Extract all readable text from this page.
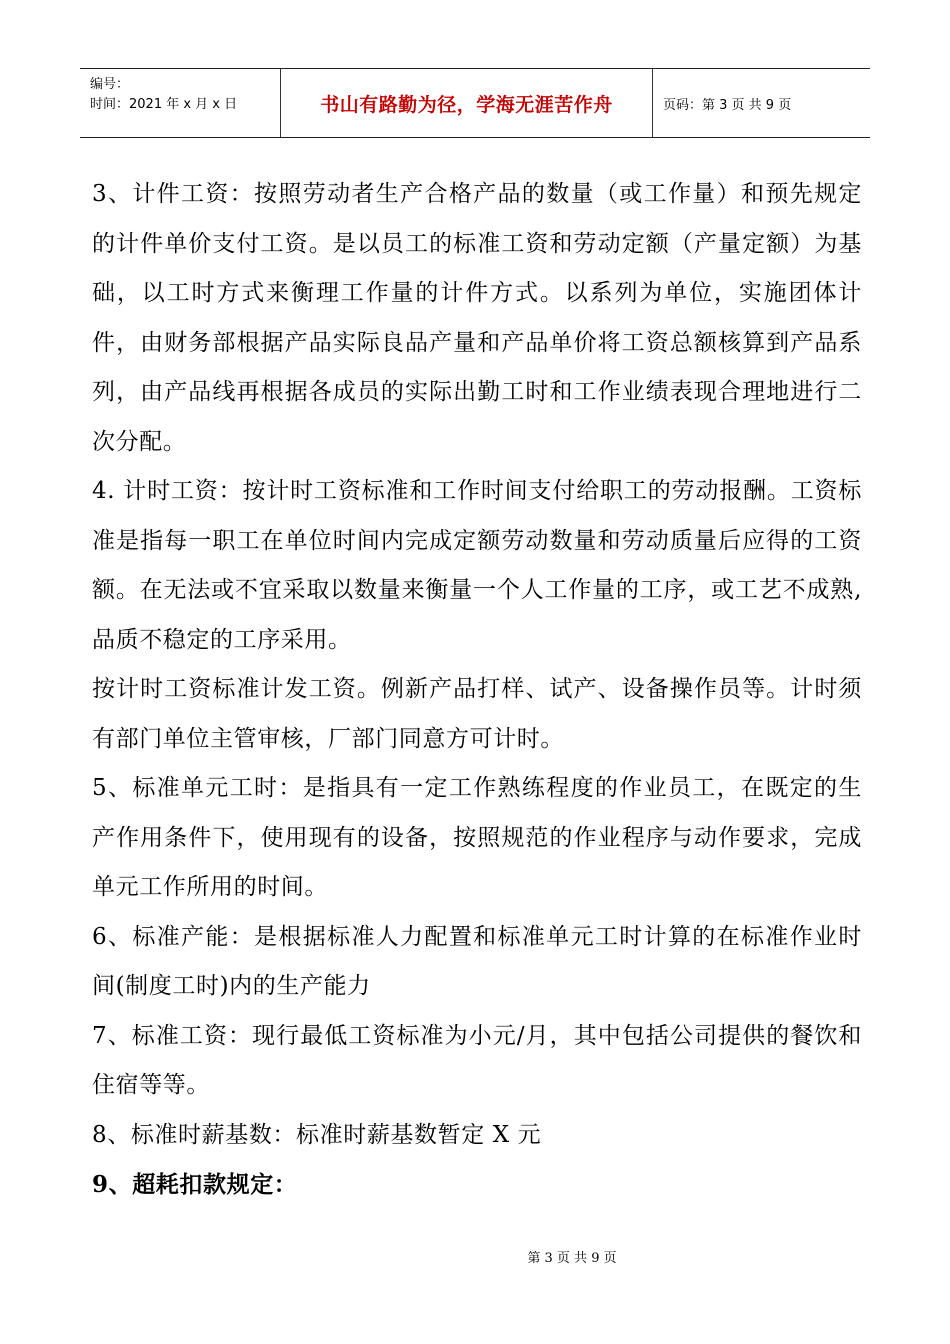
编号：
时间：2021 年 x 月 x 日	书山有路勤为径，学海无涯苦作舟	页码：第 3 页 共 9 页

3、计件工资：按照劳动者生产合格产品的数量（或工作量）和预先规定的计件单价支付工资。是以员工的标准工资和劳动定额（产量定额）为基础，以工时方式来衡理工作量的计件方式。以系列为单位，实施团体计件，由财务部根据产品实际良品产量和产品单价将工资总额核算到产品系列，由产品线再根据各成员的实际出勤工时和工作业绩表现合理地进行二次分配。

4. 计时工资：按计时工资标准和工作时间支付给职工的劳动报酬。工资标准是指每一职工在单位时间内完成定额劳动数量和劳动质量后应得的工资额。在无法或不宜采取以数量来衡量一个人工作量的工序，或工艺不成熟,品质不稳定的工序采用。

按计时工资标准计发工资。例新产品打样、试产、设备操作员等。计时须有部门单位主管审核，厂部门同意方可计时。

5、标准单元工时：是指具有一定工作熟练程度的作业员工，在既定的生产作用条件下，使用现有的设备，按照规范的作业程序与动作要求，完成单元工作所用的时间。

6、标准产能：是根据标准人力配置和标准单元工时计算的在标准作业时间(制度工时)内的生产能力

7、标准工资：现行最低工资标准为小元/月，其中包括公司提供的餐饮和住宿等等。

8、标准时薪基数：标准时薪基数暂定 X 元

9、超耗扣款规定：

第 3 页 共 9 页
